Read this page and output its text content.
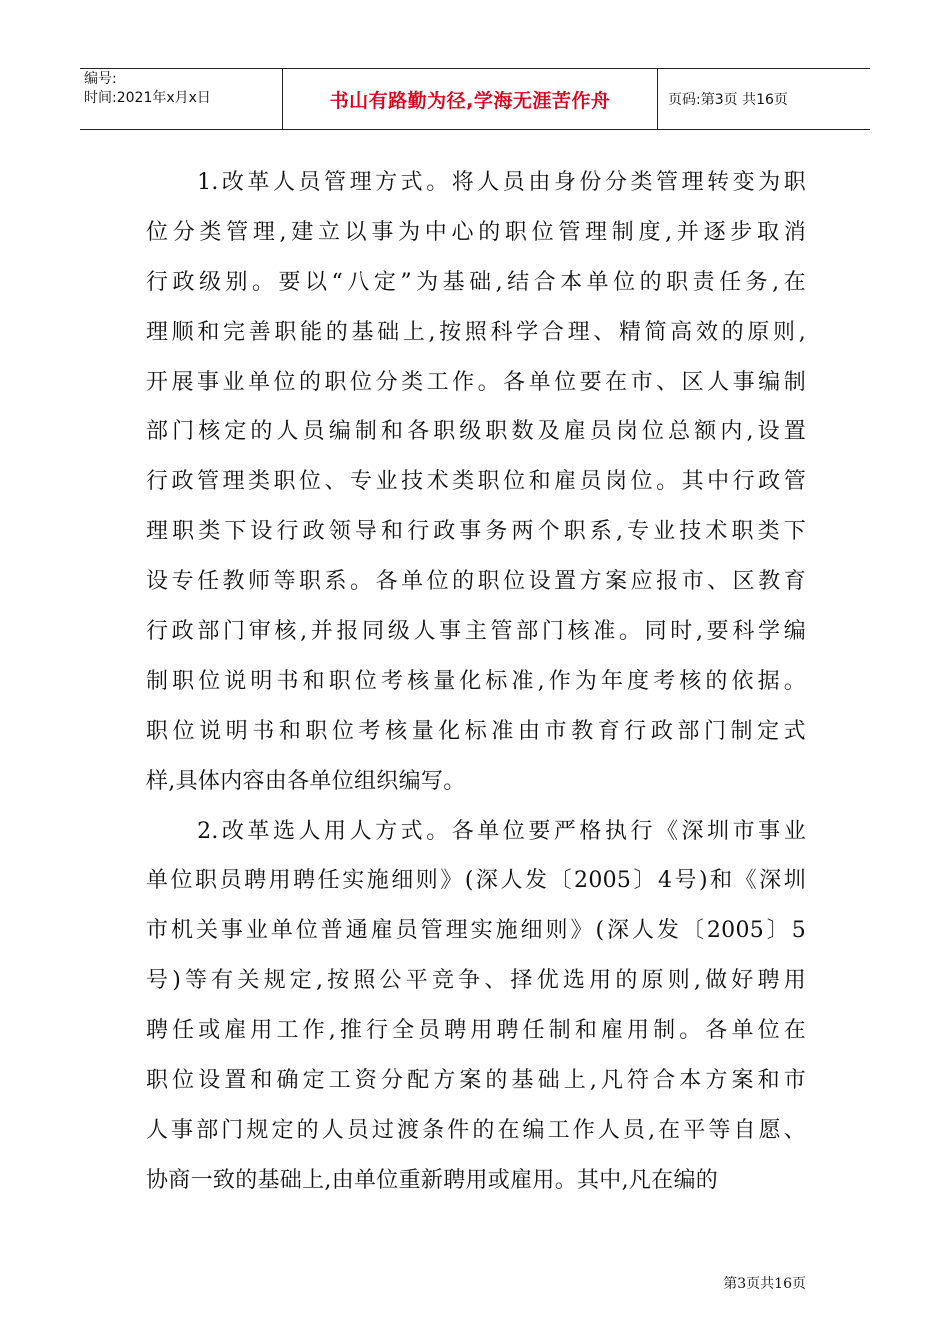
编号:
时间:2021年x月x日	书山有路勤为径,学海无涯苦作舟	页码:第3页 共16页
　　1.改革人员管理方式。将人员由身份分类管理转变为职
位分类管理,建立以事为中心的职位管理制度,并逐步取消
行政级别。要以“八定”为基础,结合本单位的职责任务,在
理顺和完善职能的基础上,按照科学合理、精简高效的原则,
开展事业单位的职位分类工作。各单位要在市、区人事编制
部门核定的人员编制和各职级职数及雇员岗位总额内,设置
行政管理类职位、专业技术类职位和雇员岗位。其中行政管
理职类下设行政领导和行政事务两个职系,专业技术职类下
设专任教师等职系。各单位的职位设置方案应报市、区教育
行政部门审核,并报同级人事主管部门核准。同时,要科学编
制职位说明书和职位考核量化标准,作为年度考核的依据。
职位说明书和职位考核量化标准由市教育行政部门制定式
样,具体内容由各单位组织编写。
　　2.改革选人用人方式。各单位要严格执行《深圳市事业
单位职员聘用聘任实施细则》(深人发〔2005〕4号)和《深圳
市机关事业单位普通雇员管理实施细则》(深人发〔2005〕5
号)等有关规定,按照公平竞争、择优选用的原则,做好聘用
聘任或雇用工作,推行全员聘用聘任制和雇用制。各单位在
职位设置和确定工资分配方案的基础上,凡符合本方案和市
人事部门规定的人员过渡条件的在编工作人员,在平等自愿、
协商一致的基础上,由单位重新聘用或雇用。其中,凡在编的
第3页共16页
